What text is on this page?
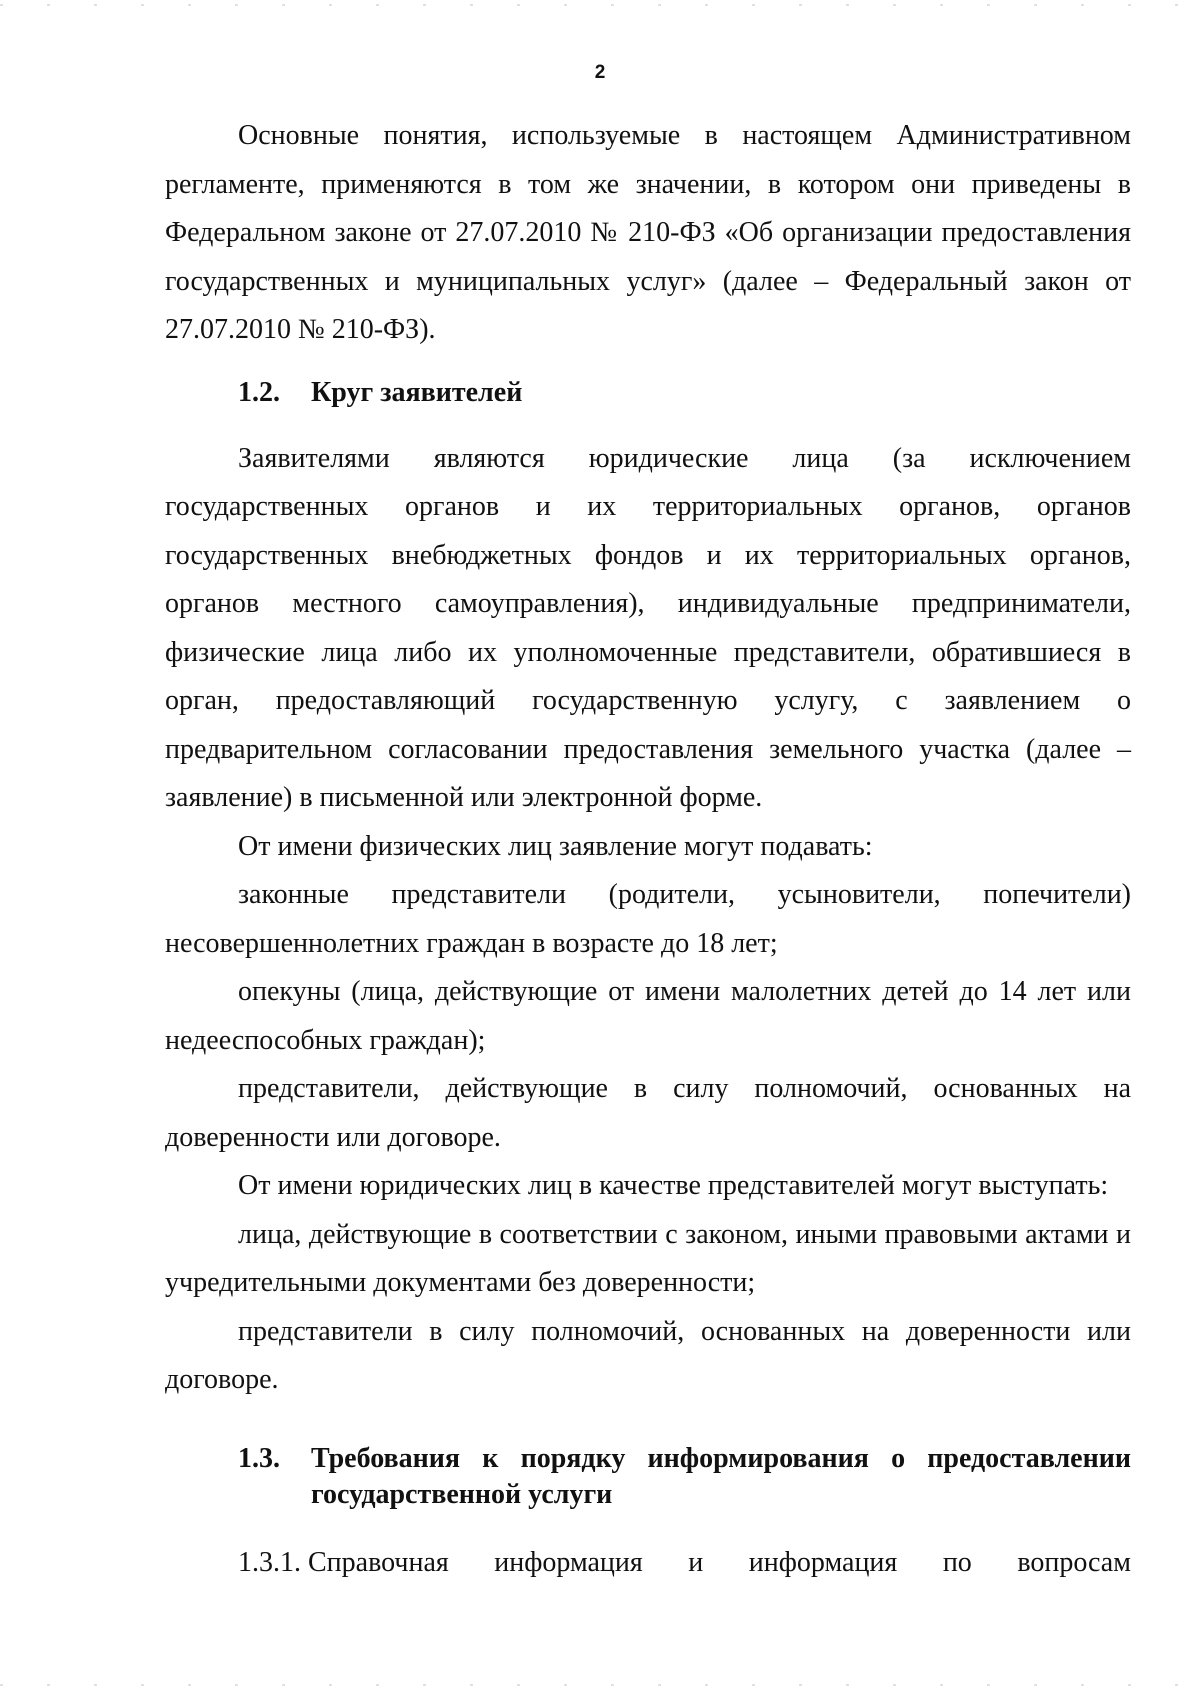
2

Основные понятия, используемые в настоящем Административном регламенте, применяются в том же значении, в котором они приведены в Федеральном законе от 27.07.2010 № 210-ФЗ «Об организации предоставления государственных и муниципальных услуг» (далее – Федеральный закон от 27.07.2010 № 210-ФЗ).

1.2. Круг заявителей

Заявителями являются юридические лица (за исключением государственных органов и их территориальных органов, органов государственных внебюджетных фондов и их территориальных органов, органов местного самоуправления), индивидуальные предприниматели, физические лица либо их уполномоченные представители, обратившиеся в орган, предоставляющий государственную услугу, с заявлением о предварительном согласовании предоставления земельного участка (далее – заявление) в письменной или электронной форме.

От имени физических лиц заявление могут подавать:

законные представители (родители, усыновители, попечители) несовершеннолетних граждан в возрасте до 18 лет;

опекуны (лица, действующие от имени малолетних детей до 14 лет или недееспособных граждан);

представители, действующие в силу полномочий, основанных на доверенности или договоре.

От имени юридических лиц в качестве представителей могут выступать:

лица, действующие в соответствии с законом, иными правовыми актами и учредительными документами без доверенности;

представители в силу полномочий, основанных на доверенности или договоре.

1.3.	Требования к порядку информирования о предоставлении государственной услуги
1.3.1. Справочная информация и информация по вопросам
